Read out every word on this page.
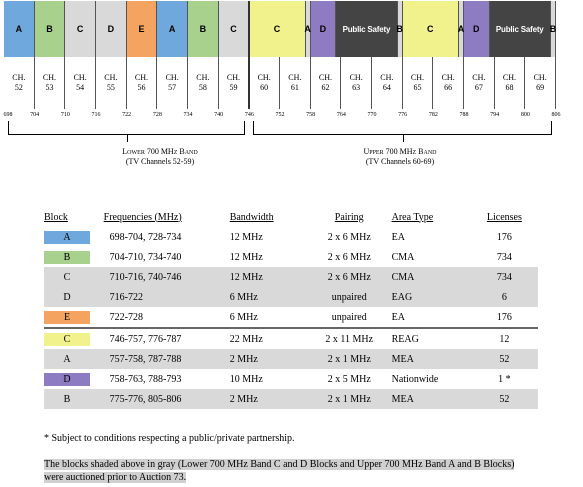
A	B	C	D	E	A	B	C	C	A D	Public Safety B	C	A D	Public Safety B
CH.
52
CH.
53
CH.
54
CH.
55
CH.
56
CH.
57
CH.
58
CH.
59
CH.
60
CH.
61
CH.
62
CH.
63
CH.
64
CH.
65
CH.
66
CH.
67
CH.
68
CH.
69
698	704	710	716	722	728	734	740	746	752	758	764	770	776	782	788	794	800	806
Lower 700 MHz Band
(TV Channels 52-59)
Upper 700 MHz Band
(TV Channels 60-69)
Block	Frequencies (MHz)	Bandwidth	Pairing	Area Type	Licenses
A	698-704, 728-734	12 MHz	2 x 6 MHz	EA	176
B	704-710, 734-740	12 MHz	2 x 6 MHz	CMA	734
C	710-716, 740-746	12 MHz	2 x 6 MHz	CMA	734
D	716-722	6 MHz	unpaired	EAG	6
E	722-728	6 MHz	unpaired	EA	176
C	746-757, 776-787	22 MHz	2 x 11 MHz	REAG	12
A	757-758, 787-788	2 MHz	2 x 1 MHz	MEA	52
D	758-763, 788-793	10 MHz	2 x 5 MHz	Nationwide	1 *
B	775-776, 805-806	2 MHz	2 x 1 MHz	MEA	52
* Subject to conditions respecting a public/private partnership.
The blocks shaded above in gray (Lower 700 MHz Band C and D Blocks and Upper 700 MHz Band A and B Blocks) were auctioned prior to Auction 73.
